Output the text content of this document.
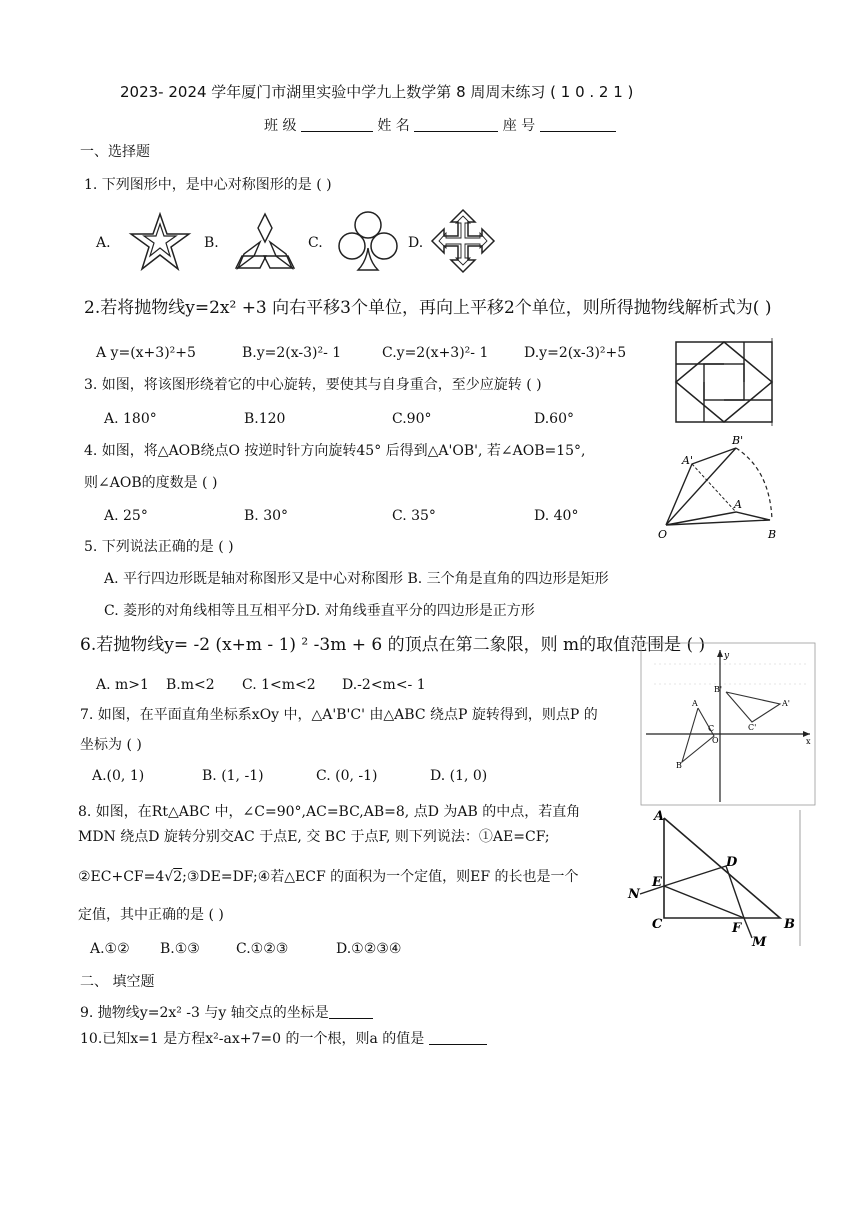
2023- 2024 学年厦门市湖里实验中学九上数学第 8 周周末练习 ( 1 0 . 2 1 )
班 级	姓 名	座 号
一、选择题
1. 下列图形中，是中心对称图形的是 ( )
A.	B.	C.	D.
2.若将抛物线y=2x² +3 向右平移3个单位，再向上平移2个单位，则所得抛物线解析式为( )
A y=(x+3)²+5	B.y=2(x-3)²- 1	C.y=2(x+3)²- 1	D.y=2(x-3)²+5
3. 如图，将该图形绕着它的中心旋转，要使其与自身重合，至少应旋转 ( )
A. 180°	B.120	C.90°	D.60°
4. 如图，将△AOB绕点O 按逆时针方向旋转45° 后得到△A'OB', 若∠AOB=15°,
则∠AOB的度数是 ( )
A. 25°	B. 30°	C. 35°	D. 40°
A'
B'
A
O	B
5. 下列说法正确的是 ( )
A. 平行四边形既是轴对称图形又是中心对称图形 B. 三个角是直角的四边形是矩形
C. 菱形的对角线相等且互相平分D. 对角线垂直平分的四边形是正方形
6.若抛物线y= -2 (x+m - 1) ² -3m + 6 的顶点在第二象限，则 m的取值范围是 ( )
A. m>1 B.m<2 C. 1<m<2 D.-2<m<- 1
y
B'
A	A'
C'
C
O
B
x
7. 如图，在平面直角坐标系xOy 中，△A'B'C' 由△ABC 绕点P 旋转得到，则点P 的
坐标为 ( )
A.(0, 1)	B. (1, -1)	C. (0, -1)	D. (1, 0)
8. 如图，在Rt△ABC 中，∠C=90°,AC=BC,AB=8, 点D 为AB 的中点，若直角
MDN 绕点D 旋转分别交AC 于点E, 交 BC 于点F, 则下列说法：①AE=CF;
②EC+CF=4√2;③DE=DF;④若△ECF 的面积为一个定值，则EF 的长也是一个
定值，其中正确的是 ( )
A.①② B.①③	C.①②③	D.①②③④
A
D
N
E
C	F
M
B
二、 填空题
9. 抛物线y=2x² -3 与y 轴交点的坐标是
10.已知x=1 是方程x²-ax+7=0 的一个根，则a 的值是
